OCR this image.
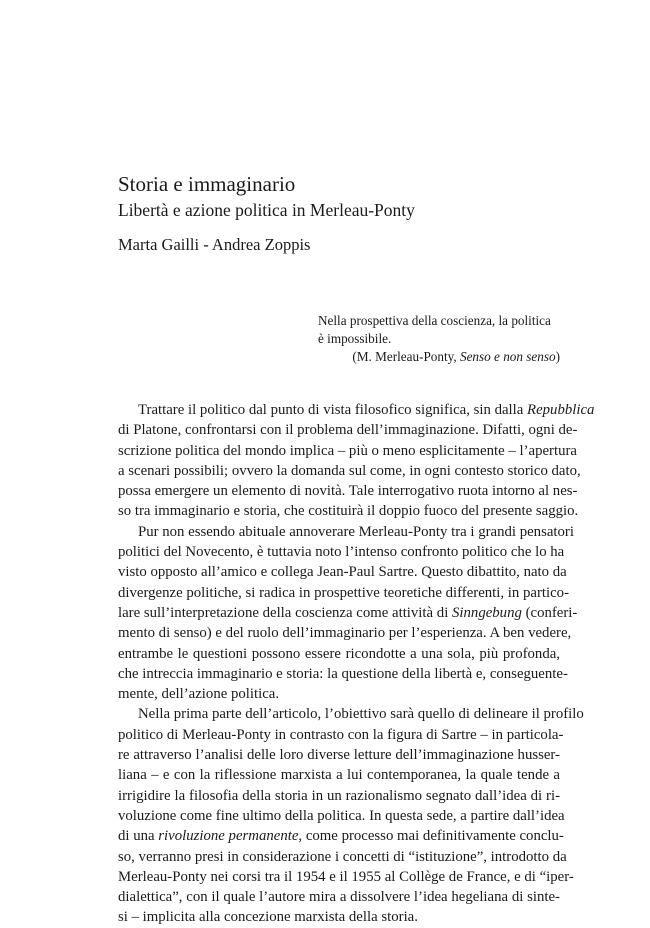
Storia e immaginario
Libertà e azione politica in Merleau-Ponty
Marta Gailli - Andrea Zoppis
Nella prospettiva della coscienza, la politica
è impossibile.
(M. Merleau-Ponty, Senso e non senso)
Trattare il politico dal punto di vista filosofico significa, sin dalla Repubblica
di Platone, confrontarsi con il problema dell’immaginazione. Difatti, ogni de-
scrizione politica del mondo implica – più o meno esplicitamente – l’apertura
a scenari possibili; ovvero la domanda sul come, in ogni contesto storico dato,
possa emergere un elemento di novità. Tale interrogativo ruota intorno al nes-
so tra immaginario e storia, che costituirà il doppio fuoco del presente saggio.
Pur non essendo abituale annoverare Merleau-Ponty tra i grandi pensatori
politici del Novecento, è tuttavia noto l’intenso confronto politico che lo ha
visto opposto all’amico e collega Jean-Paul Sartre. Questo dibattito, nato da
divergenze politiche, si radica in prospettive teoretiche differenti, in partico-
lare sull’interpretazione della coscienza come attività di Sinngebung (conferi-
mento di senso) e del ruolo dell’immaginario per l’esperienza. A ben vedere,
entrambe le questioni possono essere ricondotte a una sola, più profonda,
che intreccia immaginario e storia: la questione della libertà e, conseguente-
mente, dell’azione politica.
Nella prima parte dell’articolo, l’obiettivo sarà quello di delineare il profilo
politico di Merleau-Ponty in contrasto con la figura di Sartre – in particola-
re attraverso l’analisi delle loro diverse letture dell’immaginazione husser-
liana – e con la riflessione marxista a lui contemporanea, la quale tende a
irrigidire la filosofia della storia in un razionalismo segnato dall’idea di ri-
voluzione come fine ultimo della politica. In questa sede, a partire dall’idea
di una rivoluzione permanente, come processo mai definitivamente conclu-
so, verranno presi in considerazione i concetti di “istituzione”, introdotto da
Merleau-Ponty nei corsi tra il 1954 e il 1955 al Collège de France, e di “iper-
dialettica”, con il quale l’autore mira a dissolvere l’idea hegeliana di sinte-
si – implicita alla concezione marxista della storia.
